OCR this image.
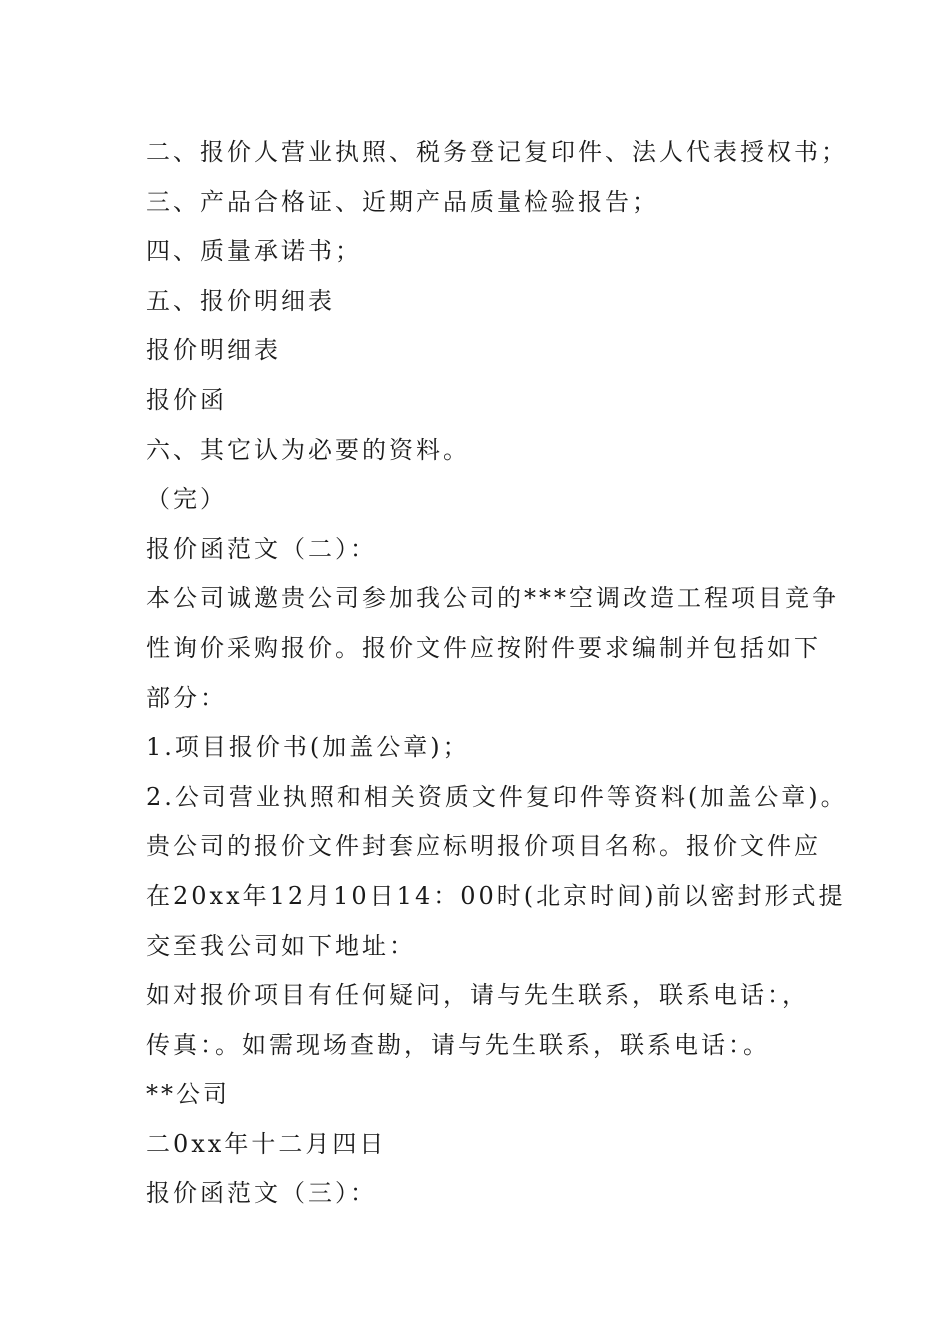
二、报价人营业执照、税务登记复印件、法人代表授权书；
三、产品合格证、近期产品质量检验报告；
四、质量承诺书；
五、报价明细表
报价明细表
报价函
六、其它认为必要的资料。
（完）
报价函范文（二）：
本公司诚邀贵公司参加我公司的***空调改造工程项目竞争
性询价采购报价。报价文件应按附件要求编制并包括如下
部分：
1.项目报价书(加盖公章)；
2.公司营业执照和相关资质文件复印件等资料(加盖公章)。
贵公司的报价文件封套应标明报价项目名称。报价文件应
在20xx年12月10日14：00时(北京时间)前以密封形式提
交至我公司如下地址：
如对报价项目有任何疑问，请与先生联系，联系电话：，
传真：。如需现场查勘，请与先生联系，联系电话：。
**公司
二0xx年十二月四日
报价函范文（三）：
